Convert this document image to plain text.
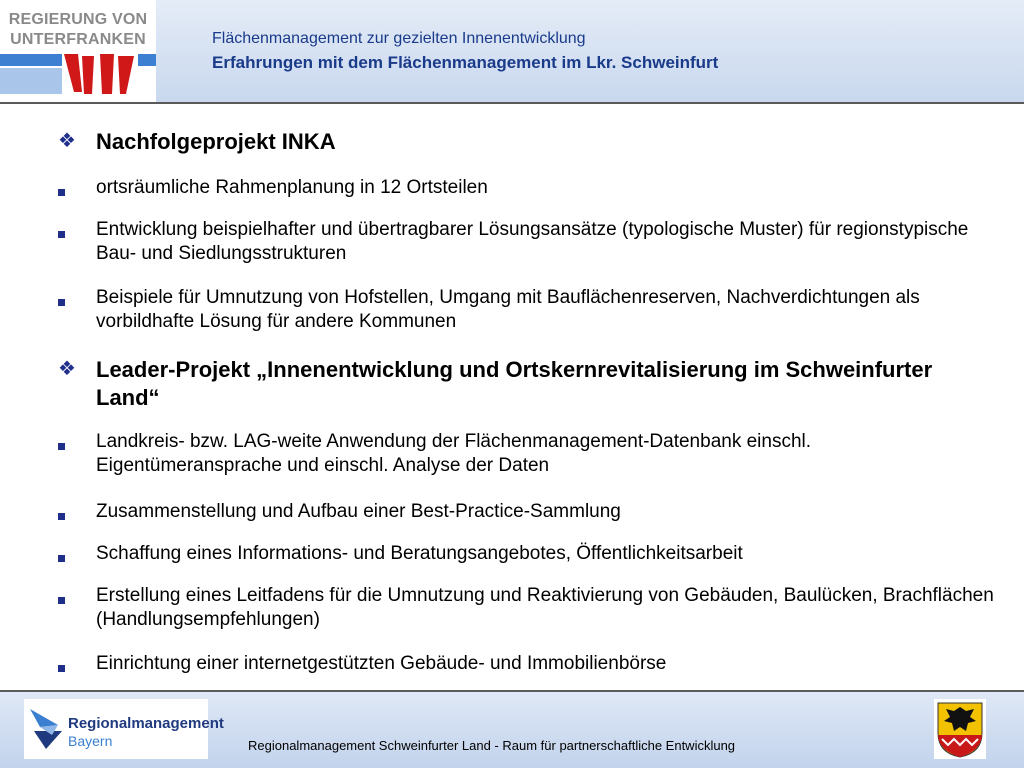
REGIERUNG VON
UNTERFRANKEN	Flächenmanagement zur gezielten Innenentwicklung
Erfahrungen mit dem Flächenmanagement im Lkr. Schweinfurt
❖ Nachfolgeprojekt INKA
ortsräumliche Rahmenplanung in 12 Ortsteilen
Entwicklung beispielhafter und übertragbarer Lösungsansätze (typologische Muster) für regionstypische Bau- und Siedlungsstrukturen
Beispiele für Umnutzung von Hofstellen, Umgang mit Bauflächenreserven, Nachverdichtungen als vorbildhafte Lösung für andere Kommunen
❖ Leader-Projekt „Innenentwicklung und Ortskernrevitalisierung im Schweinfurter Land“
Landkreis- bzw. LAG-weite Anwendung der Flächenmanagement-Datenbank einschl. Eigentümeransprache und einschl. Analyse der Daten
Zusammenstellung und Aufbau einer Best-Practice-Sammlung
Schaffung eines Informations- und Beratungsangebotes, Öffentlichkeitsarbeit
Erstellung eines Leitfadens für die Umnutzung und Reaktivierung von Gebäuden, Baulücken, Brachflächen (Handlungsempfehlungen)
Einrichtung einer internetgestützten Gebäude- und Immobilienbörse
Regionalmanagement
Bayern	Regionalmanagement Schweinfurter Land - Raum für partnerschaftliche Entwicklung
